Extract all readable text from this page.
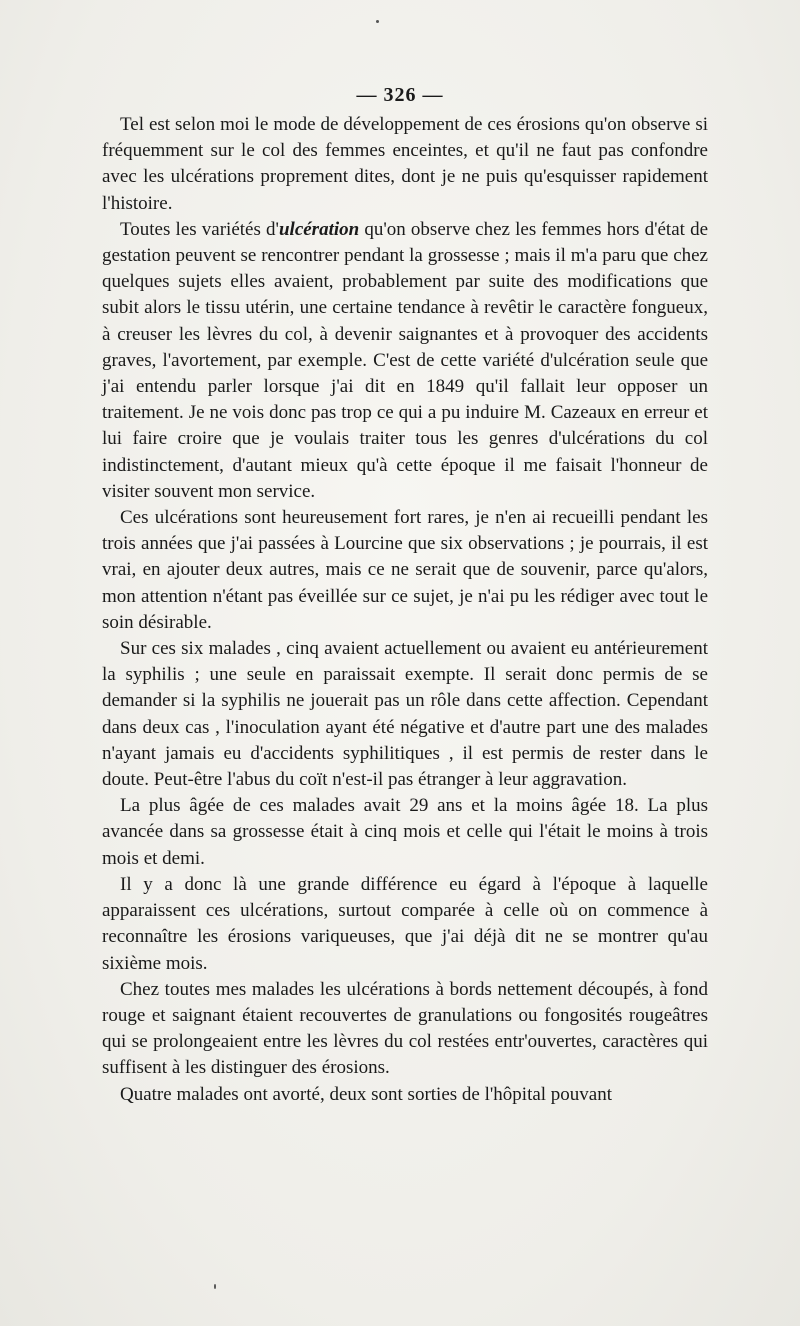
— 326 —

Tel est selon moi le mode de développement de ces érosions qu'on observe si fréquemment sur le col des femmes enceintes, et qu'il ne faut pas confondre avec les ulcérations proprement dites, dont je ne puis qu'esquisser rapidement l'histoire.

Toutes les variétés d'ulcération qu'on observe chez les femmes hors d'état de gestation peuvent se rencontrer pendant la grossesse ; mais il m'a paru que chez quelques sujets elles avaient, probablement par suite des modifications que subit alors le tissu utérin, une certaine tendance à revêtir le caractère fongueux, à creuser les lèvres du col, à devenir saignantes et à provoquer des accidents graves, l'avortement, par exemple. C'est de cette variété d'ulcération seule que j'ai entendu parler lorsque j'ai dit en 1849 qu'il fallait leur opposer un traitement. Je ne vois donc pas trop ce qui a pu induire M. Cazeaux en erreur et lui faire croire que je voulais traiter tous les genres d'ulcérations du col indistinctement, d'autant mieux qu'à cette époque il me faisait l'honneur de visiter souvent mon service.

Ces ulcérations sont heureusement fort rares, je n'en ai recueilli pendant les trois années que j'ai passées à Lourcine que six observations ; je pourrais, il est vrai, en ajouter deux autres, mais ce ne serait que de souvenir, parce qu'alors, mon attention n'étant pas éveillée sur ce sujet, je n'ai pu les rédiger avec tout le soin désirable.

Sur ces six malades , cinq avaient actuellement ou avaient eu antérieurement la syphilis ; une seule en paraissait exempte. Il serait donc permis de se demander si la syphilis ne jouerait pas un rôle dans cette affection. Cependant dans deux cas , l'inoculation ayant été négative et d'autre part une des malades n'ayant jamais eu d'accidents syphilitiques , il est permis de rester dans le doute. Peut-être l'abus du coït n'est-il pas étranger à leur aggravation.

La plus âgée de ces malades avait 29 ans et la moins âgée 18. La plus avancée dans sa grossesse était à cinq mois et celle qui l'était le moins à trois mois et demi.

Il y a donc là une grande différence eu égard à l'époque à laquelle apparaissent ces ulcérations, surtout comparée à celle où on commence à reconnaître les érosions variqueuses, que j'ai déjà dit ne se montrer qu'au sixième mois.

Chez toutes mes malades les ulcérations à bords nettement découpés, à fond rouge et saignant étaient recouvertes de granulations ou fongosités rougeâtres qui se prolongeaient entre les lèvres du col restées entr'ouvertes, caractères qui suffisent à les distinguer des érosions.

Quatre malades ont avorté, deux sont sorties de l'hôpital pouvant
